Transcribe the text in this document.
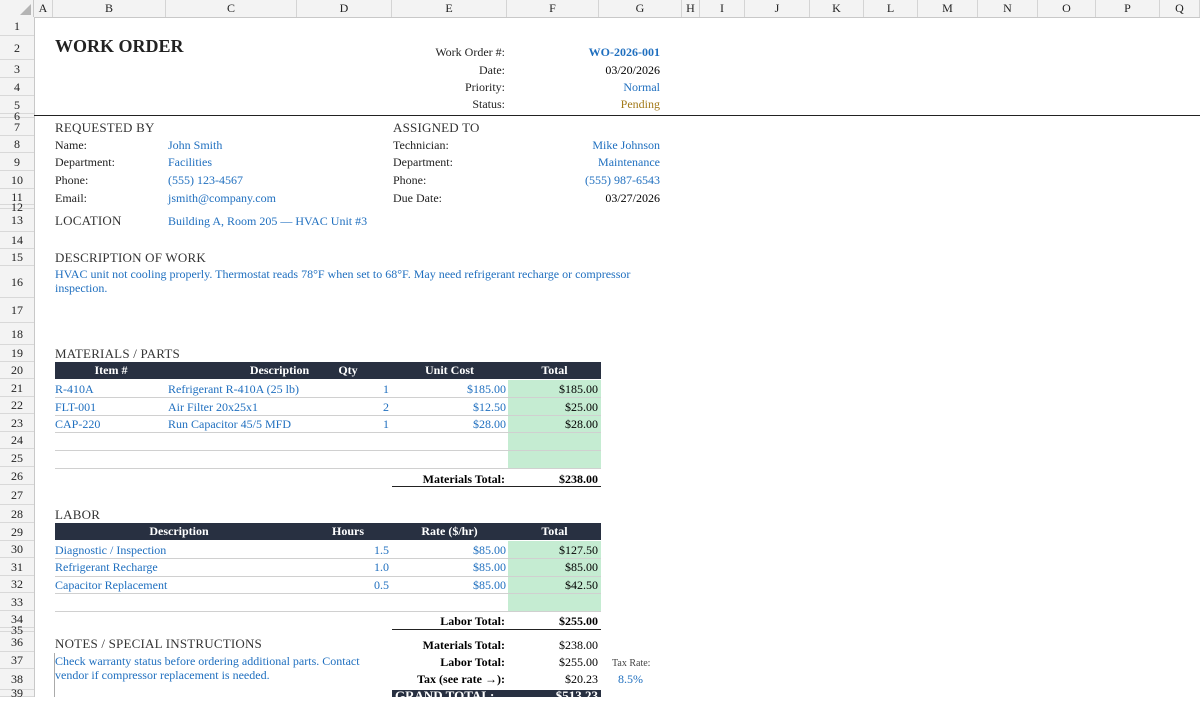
A	B	C	D	E	F	G	H	I	J	K	L	M	N	O	P	Q
1
2
3
4
5
6
7
8
9
10
11
12
13
14
15
16
17
18
19
20
21
22
23
24
25
26
27
28
29
30
31
32
33
34
35
36
37
38
39
WORK ORDER	Work Order #:	WO-2026-001
Date:	03/20/2026
Priority:	Normal
Status:	Pending
REQUESTED BY	ASSIGNED TO
Name:	John Smith	Technician:	Mike Johnson
Department:	Facilities	Department:	Maintenance
Phone:	(555) 123-4567	Phone:	(555) 987-6543
Email:	jsmith@company.com	Due Date:	03/27/2026
LOCATION	Building A, Room 205 — HVAC Unit #3
DESCRIPTION OF WORK
HVAC unit not cooling properly. Thermostat reads 78°F when set to 68°F. May need refrigerant recharge or compressor inspection.
MATERIALS / PARTS
Item #	Description	Qty	Unit Cost	Total
R-410A	Refrigerant R-410A (25 lb)	1	$185.00	$185.00
FLT-001	Air Filter 20x25x1	2	$12.50	$25.00
CAP-220	Run Capacitor 45/5 MFD	1	$28.00	$28.00
Materials Total:	$238.00
LABOR
Description	Hours	Rate ($/hr)	Total
Diagnostic / Inspection	1.5	$85.00	$127.50
Refrigerant Recharge	1.0	$85.00	$85.00
Capacitor Replacement	0.5	$85.00	$42.50
Labor Total:	$255.00
NOTES / SPECIAL INSTRUCTIONS
Check warranty status before ordering additional parts. Contact vendor if compressor replacement is needed.
Materials Total:	$238.00
Labor Total:	$255.00
Tax (see rate →):	$20.23
Tax Rate:
8.5%
GRAND TOTAL:	$513.23
